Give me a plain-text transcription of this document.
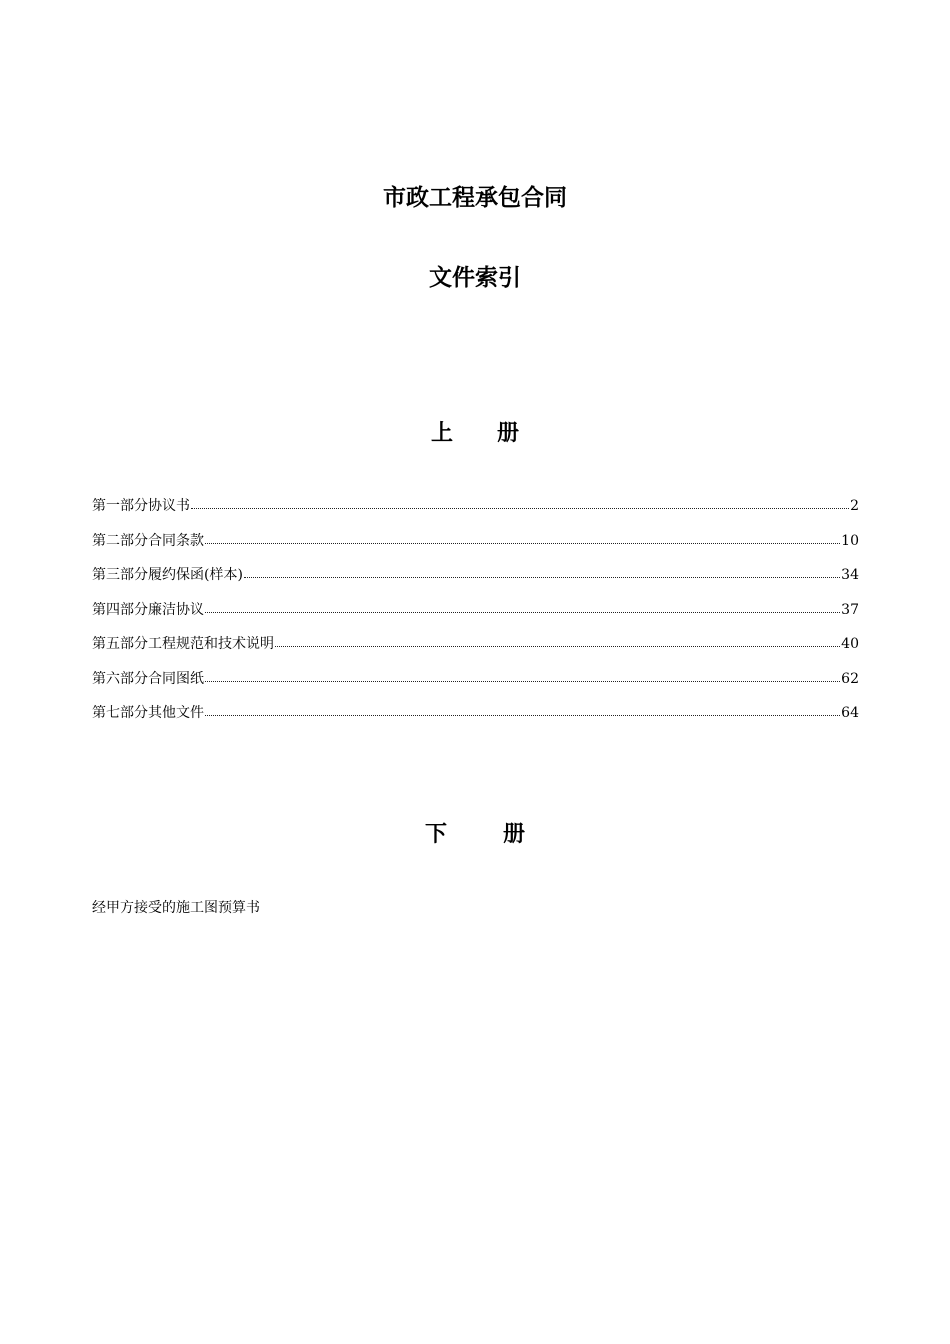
市政工程承包合同
文件索引
上 册
第一部分协议书	2
第二部分合同条款	10
第三部分履约保函(样本)	34
第四部分廉洁协议	37
第五部分工程规范和技术说明	40
第六部分合同图纸	62
第七部分其他文件	64
下	册

经甲方接受的施工图预算书
